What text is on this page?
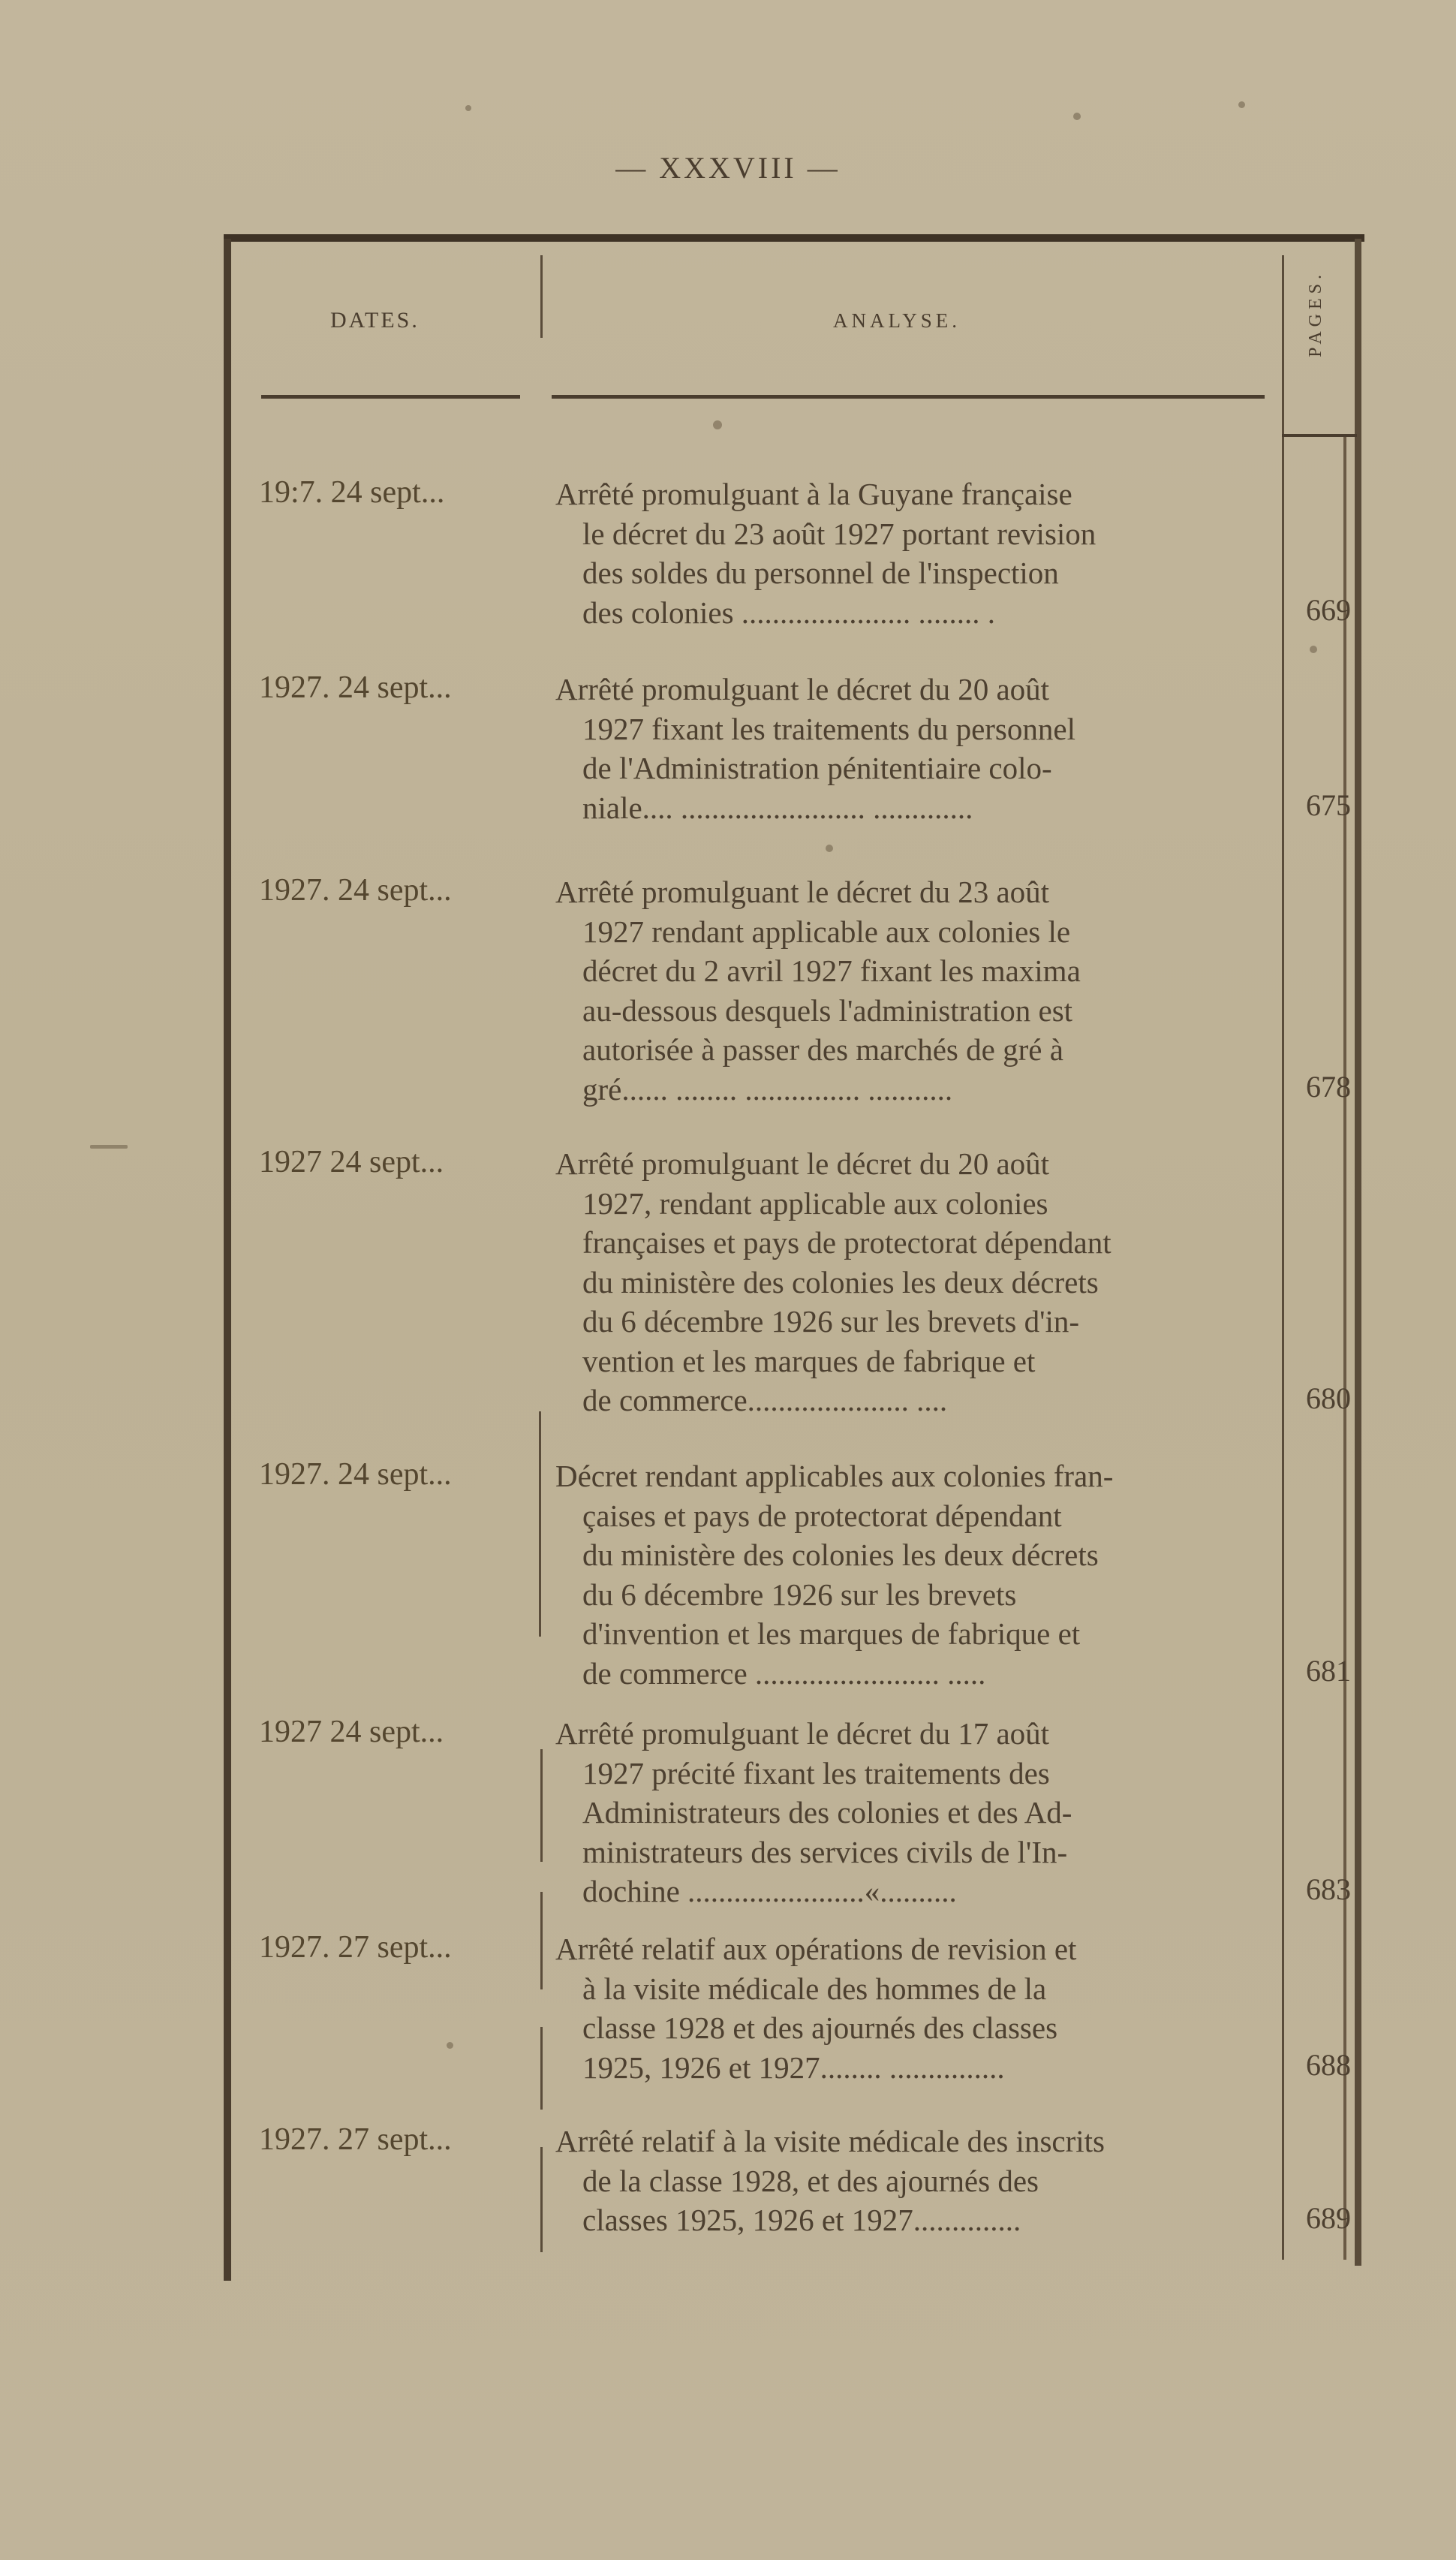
— XXXVIII —
DATES.	ANALYSE.	PAGES.
19:7. 24 sept...	Arrêté promulguant à la Guyane française
le décret du 23 août 1927 portant revision
des soldes du personnel de l'inspection
des colonies ...................... ........ .	669
1927. 24 sept...	Arrêté promulguant le décret du 20 août
1927 fixant les traitements du personnel
de l'Administration pénitentiaire colo-
niale.... ........................ .............	675
1927. 24 sept...	Arrêté promulguant le décret du 23 août
1927 rendant applicable aux colonies le
décret du 2 avril 1927 fixant les maxima
au-dessous desquels l'administration est
autorisée à passer des marchés de gré à
gré...... ........ ............... ...........	678
1927 24 sept...	Arrêté promulguant le décret du 20 août
1927, rendant applicable aux colonies
françaises et pays de protectorat dépendant
du ministère des colonies les deux décrets
du 6 décembre 1926 sur les brevets d'in-
vention et les marques de fabrique et
de commerce..................... ....	680
1927. 24 sept...	Décret rendant applicables aux colonies fran-
çaises et pays de protectorat dépendant
du ministère des colonies les deux décrets
du 6 décembre 1926 sur les brevets
d'invention et les marques de fabrique et
de commerce ........................ .....	681
1927 24 sept...	Arrêté promulguant le décret du 17 août
1927 précité fixant les traitements des
Administrateurs des colonies et des Ad-
ministrateurs des services civils de l'In-
dochine .......................«..........	683
1927. 27 sept...	Arrêté relatif aux opérations de revision et
à la visite médicale des hommes de la
classe 1928 et des ajournés des classes
1925, 1926 et 1927........ ...............	688
1927. 27 sept...	Arrêté relatif à la visite médicale des inscrits
de la classe 1928, et des ajournés des
classes 1925, 1926 et 1927..............	689
